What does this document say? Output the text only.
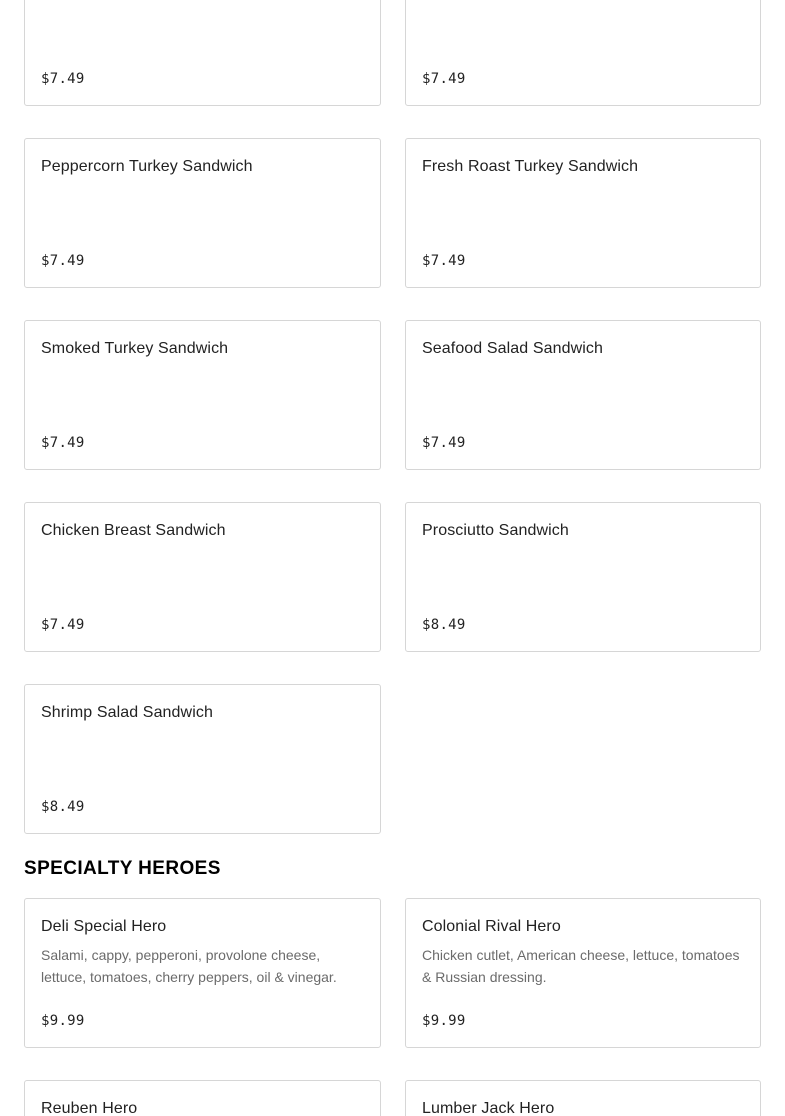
$7.49	$7.49
Peppercorn Turkey Sandwich
$7.49
Fresh Roast Turkey Sandwich
$7.49
Smoked Turkey Sandwich
$7.49
Seafood Salad Sandwich
$7.49
Chicken Breast Sandwich
$7.49
Prosciutto Sandwich
$8.49
Shrimp Salad Sandwich
$8.49
SPECIALTY HEROES
Deli Special Hero
Salami, cappy, pepperoni, provolone cheese, lettuce, tomatoes, cherry peppers, oil & vinegar.
$9.99
Colonial Rival Hero
Chicken cutlet, American cheese, lettuce, tomatoes & Russian dressing.
$9.99
Reuben Hero	Lumber Jack Hero
